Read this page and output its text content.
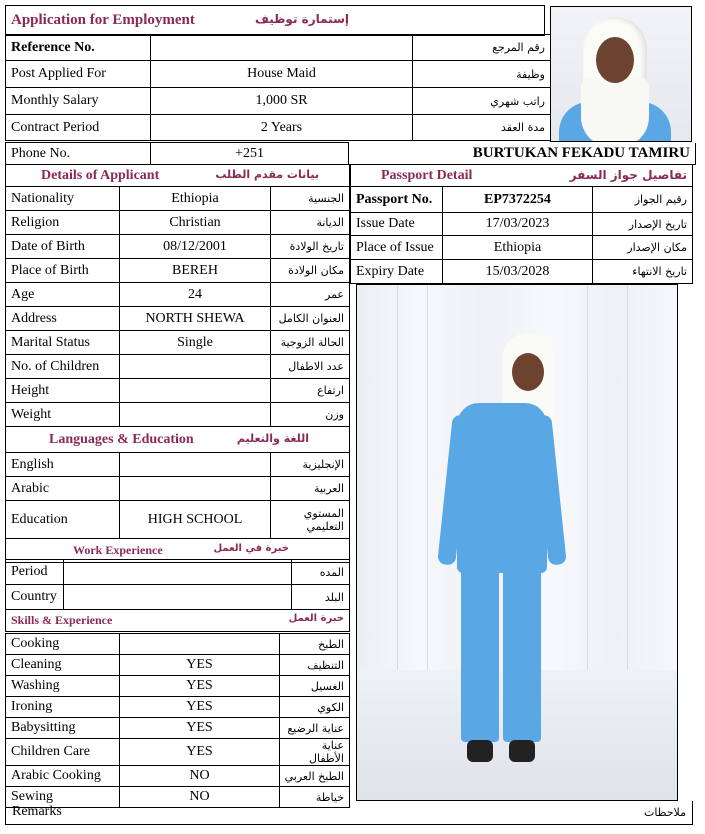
Application for Employment	إستمارة توظيف
Reference No.		رقم المرجع
Post Applied For	House Maid	وظيفة
Monthly Salary	1,000 SR	راتب شهري
Contract Period	2 Years	مدة العقد
Phone No.	+251	BURTUKAN FEKADU TAMIRU
Details of Applicant بيانات مقدم الطلب		

Nationality	Ethiopia	الجنسية
Religion	Christian	الديانة
Date of Birth	08/12/2001	تاريخ الولادة
Place of Birth	BEREH	مكان الولادة
Age	24	عمر
Address	NORTH SHEWA	العنوان الكامل
Marital Status	Single	الحالة الزوجية
No. of Children		عدد الاطفال
Height		ارتفاع
Weight		وزن
Languages & Education اللغة والتعليم		

English		الإنجليزية
Arabic		العربية
Education	HIGH SCHOOL	المستوي التعليمي
Work Experience خبرة في العمل		
Period		المده
Country		البلد
Skills & Experience خبرة العمل		
Cooking		الطبخ
Cleaning	YES	التنظيف
Washing	YES	الغسيل
Ironing	YES	الكوي
Babysitting	YES	عناية الرضيع
Children Care	YES	عناية الأطفال
Arabic Cooking	NO	الطبخ العربي
Sewing	NO	خياطة
Passport Detail تفاصيل جواز السفر		

Passport No.	EP7372254	رقيم الجواز
Issue Date	17/03/2023	تاريخ الإصدار
Place of Issue	Ethiopia	مكان الإصدار
Expiry Date	15/03/2028	تاريخ الانتهاء
Remarks	ملاحظات
